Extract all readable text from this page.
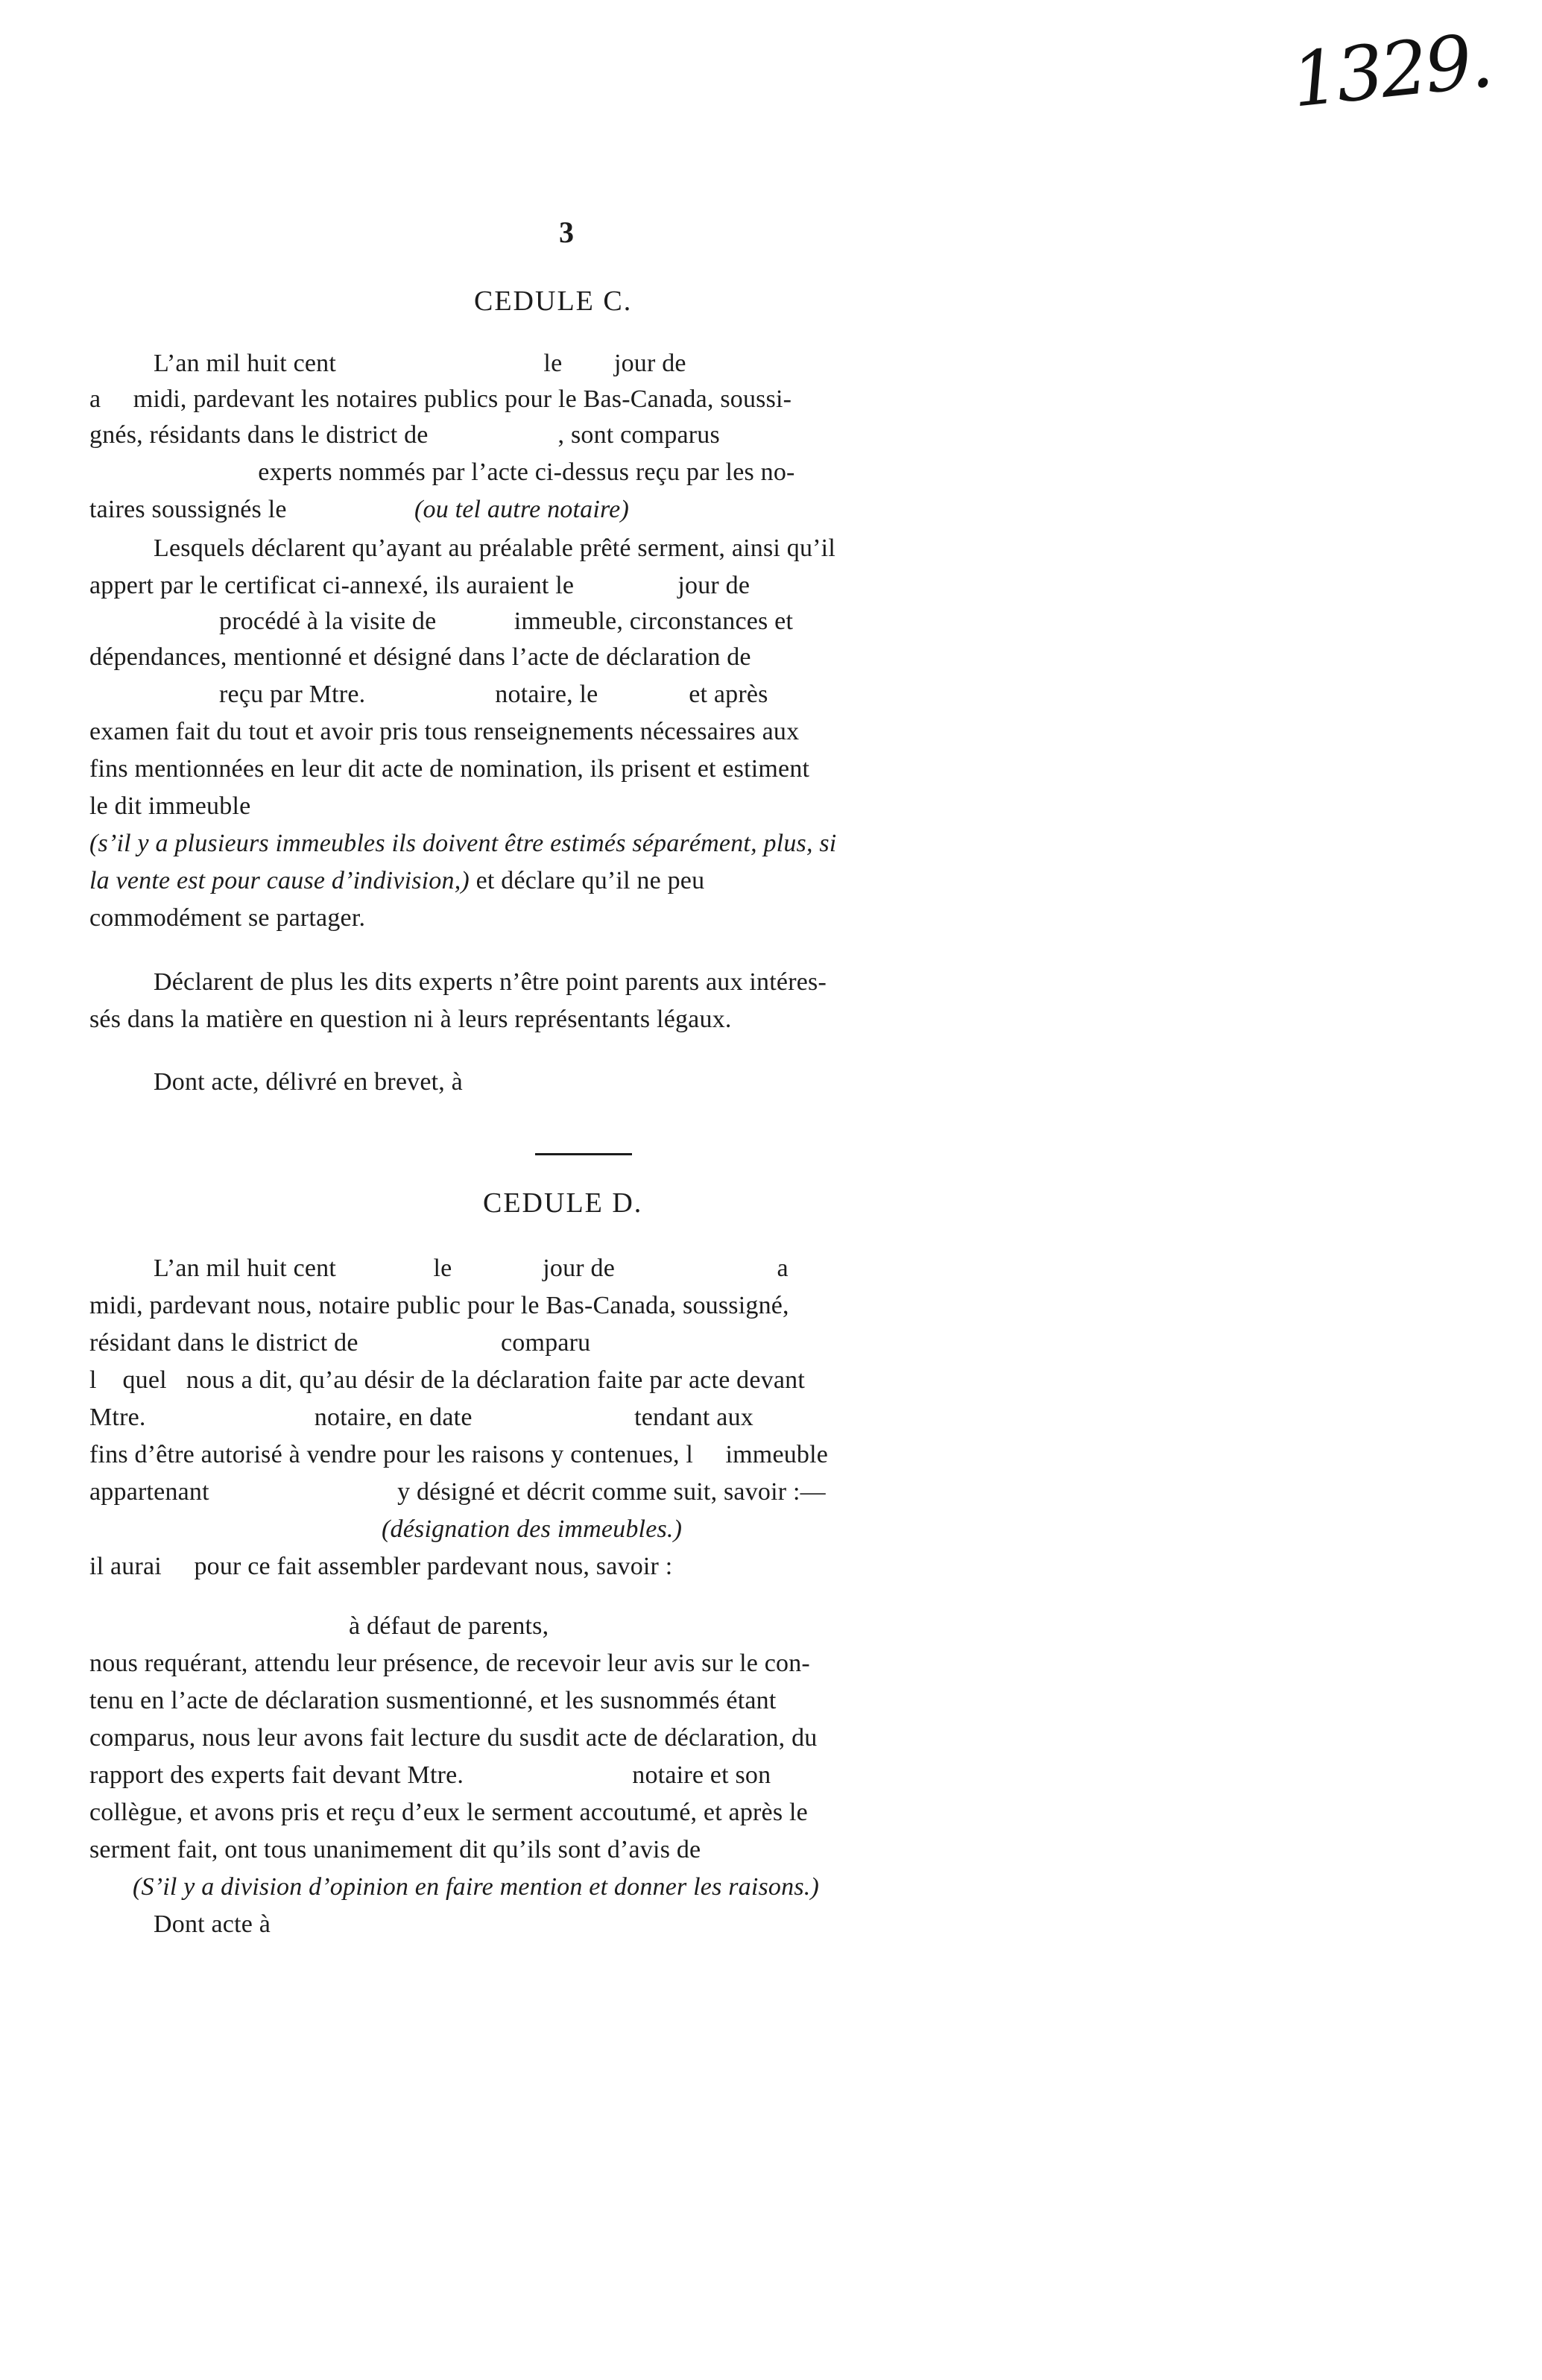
1329.
3
CEDULE C.
L’an mil huit cent                                le        jour de
a     midi, pardevant les notaires publics pour le Bas-Canada, soussi-
gnés, résidants dans le district de                    , sont comparus
experts nommés par l’acte ci-dessus reçu par les no-
taires soussignés le	(ou tel autre notaire)
Lesquels déclarent qu’ayant au préalable prêté serment, ainsi qu’il
appert par le certificat ci-annexé, ils auraient le                jour de
procédé à la visite de            immeuble, circonstances et
dépendances, mentionné et désigné dans l’acte de déclaration de
reçu par Mtre.                    notaire, le              et après
examen fait du tout et avoir pris tous renseignements nécessaires aux
fins mentionnées en leur dit acte de nomination, ils prisent et estiment
le dit immeuble
(s’il y a plusieurs immeubles ils doivent être estimés séparément, plus, si
la vente est pour cause d’indivision,) et déclare qu’il ne peu
commodément se partager.
Déclarent de plus les dits experts n’être point parents aux intéres-
sés dans la matière en question ni à leurs représentants légaux.
Dont acte, délivré en brevet, à
CEDULE D.
L’an mil huit cent               le              jour de                         a
midi, pardevant nous, notaire public pour le Bas-Canada, soussigné,
résidant dans le district de                      comparu
l    quel   nous a dit, qu’au désir de la déclaration faite par acte devant
Mtre.                          notaire, en date                         tendant aux
fins d’être autorisé à vendre pour les raisons y contenues, l     immeuble
appartenant                             y désigné et décrit comme suit, savoir :—
(désignation des immeubles.)
il aurai     pour ce fait assembler pardevant nous, savoir :
à défaut de parents,
nous requérant, attendu leur présence, de recevoir leur avis sur le con-
tenu en l’acte de déclaration susmentionné, et les susnommés étant
comparus, nous leur avons fait lecture du susdit acte de déclaration, du
rapport des experts fait devant Mtre.                          notaire et son
collègue, et avons pris et reçu d’eux le serment accoutumé, et après le
serment fait, ont tous unanimement dit qu’ils sont d’avis de
(S’il y a division d’opinion en faire mention et donner les raisons.)
Dont acte à
